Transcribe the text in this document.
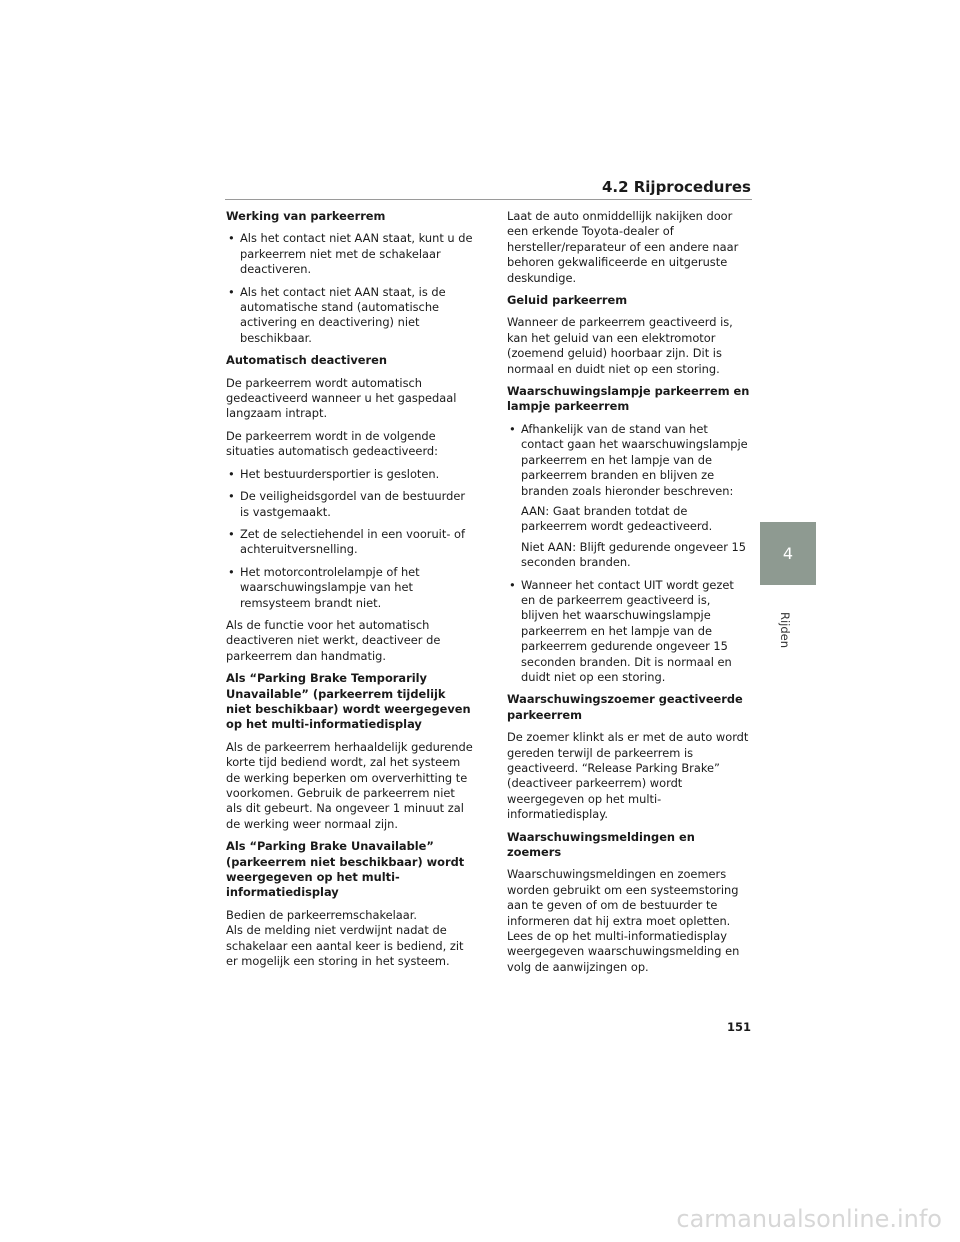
4.2 Rijprocedures
Werking van parkeerrem
• Als het contact niet AAN staat, kunt u de parkeerrem niet met de schakelaar deactiveren.
• Als het contact niet AAN staat, is de automatische stand (automatische activering en deactivering) niet beschikbaar.
Automatisch deactiveren

De parkeerrem wordt automatisch gedeactiveerd wanneer u het gaspedaal langzaam intrapt.

De parkeerrem wordt in de volgende situaties automatisch gedeactiveerd:

• Het bestuurdersportier is gesloten.
• De veiligheidsgordel van de bestuurder is vastgemaakt.
• Zet de selectiehendel in een vooruit- of achteruitversnelling.
• Het motorcontrolelampje of het waarschuwingslampje van het remsysteem brandt niet.

Als de functie voor het automatisch deactiveren niet werkt, deactiveer de parkeerrem dan handmatig.

Als “Parking Brake Temporarily Unavailable” (parkeerrem tijdelijk niet beschikbaar) wordt weergegeven op het multi-informatiedisplay

Als de parkeerrem herhaaldelijk gedurende korte tijd bediend wordt, zal het systeem de werking beperken om oververhitting te voorkomen. Gebruik de parkeerrem niet als dit gebeurt. Na ongeveer 1 minuut zal de werking weer normaal zijn.

Als “Parking Brake Unavailable” (parkeerrem niet beschikbaar) wordt weergegeven op het multi-informatiedisplay

Bedien de parkeerremschakelaar.
Als de melding niet verdwijnt nadat de schakelaar een aantal keer is bediend, zit er mogelijk een storing in het systeem.

Laat de auto onmiddellijk nakijken door een erkende Toyota-dealer of hersteller/reparateur of een andere naar behoren gekwalificeerde en uitgeruste deskundige.

Geluid parkeerrem

Wanneer de parkeerrem geactiveerd is, kan het geluid van een elektromotor (zoemend geluid) hoorbaar zijn. Dit is normaal en duidt niet op een storing.

Waarschuwingslampje parkeerrem en lampje parkeerrem
• Afhankelijk van de stand van het contact gaan het waarschuwingslampje parkeerrem en het lampje van de parkeerrem branden en blijven ze branden zoals hieronder beschreven:
AAN: Gaat branden totdat de parkeerrem wordt gedeactiveerd.
Niet AAN: Blijft gedurende ongeveer 15 seconden branden.
• Wanneer het contact UIT wordt gezet en de parkeerrem geactiveerd is, blijven het waarschuwingslampje parkeerrem en het lampje van de parkeerrem gedurende ongeveer 15 seconden branden. Dit is normaal en duidt niet op een storing.
Waarschuwingszoemer geactiveerde parkeerrem

De zoemer klinkt als er met de auto wordt gereden terwijl de parkeerrem is geactiveerd. “Release Parking Brake” (deactiveer parkeerrem) wordt weergegeven op het multi-informatiedisplay.

Waarschuwingsmeldingen en zoemers

Waarschuwingsmeldingen en zoemers worden gebruikt om een systeemstoring aan te geven of om de bestuurder te informeren dat hij extra moet opletten. Lees de op het multi-informatiedisplay weergegeven waarschuwingsmelding en volg de aanwijzingen op.

4
Rijden
151
carmanualsonline.info
